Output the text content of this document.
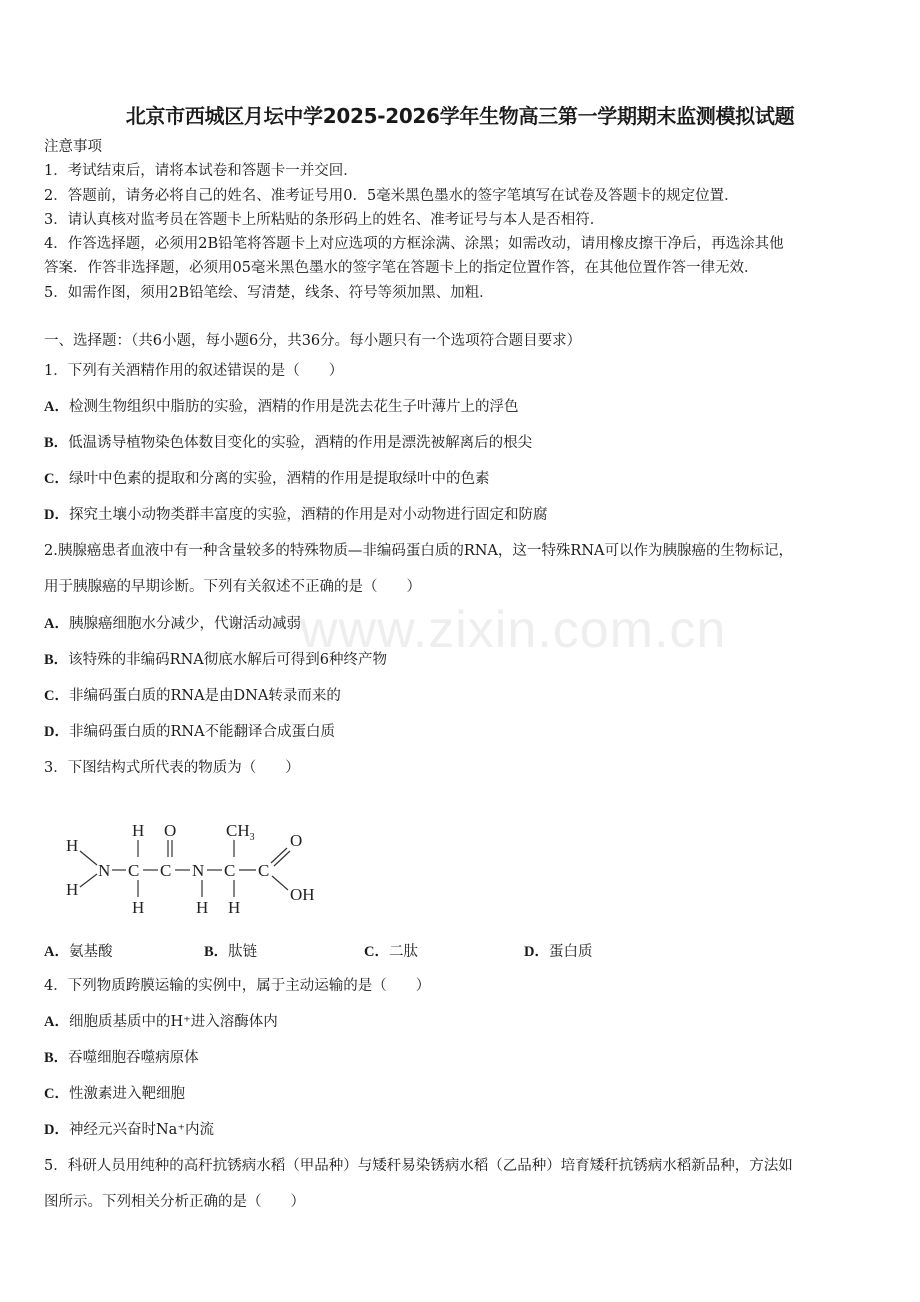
www.zixin.com.cn
北京市西城区月坛中学2025-2026学年生物高三第一学期期末监测模拟试题
注意事项
1．考试结束后，请将本试卷和答题卡一并交回．
2．答题前，请务必将自己的姓名、准考证号用0．5毫米黑色墨水的签字笔填写在试卷及答题卡的规定位置．
3．请认真核对监考员在答题卡上所粘贴的条形码上的姓名、准考证号与本人是否相符．
4．作答选择题，必须用2B铅笔将答题卡上对应选项的方框涂满、涂黑；如需改动，请用橡皮擦干净后，再选涂其他
答案．作答非选择题，必须用05毫米黑色墨水的签字笔在答题卡上的指定位置作答，在其他位置作答一律无效．
5．如需作图，须用2B铅笔绘、写清楚，线条、符号等须加黑、加粗．
一、选择题：（共6小题，每小题6分，共36分。每小题只有一个选项符合题目要求）
1．下列有关酒精作用的叙述错误的是（　　）
A．检测生物组织中脂肪的实验，酒精的作用是洗去花生子叶薄片上的浮色
B．低温诱导植物染色体数目变化的实验，酒精的作用是漂洗被解离后的根尖
C．绿叶中色素的提取和分离的实验，酒精的作用是提取绿叶中的色素
D．探究土壤小动物类群丰富度的实验，酒精的作用是对小动物进行固定和防腐
2.胰腺癌患者血液中有一种含量较多的特殊物质—非编码蛋白质的RNA，这一特殊RNA可以作为胰腺癌的生物标记，
用于胰腺癌的早期诊断。下列有关叙述不正确的是（　　）
A．胰腺癌细胞水分减少，代谢活动减弱
B．该特殊的非编码RNA彻底水解后可得到6种终产物
C．非编码蛋白质的RNA是由DNA转录而来的
D．非编码蛋白质的RNA不能翻译合成蛋白质
3．下图结构式所代表的物质为（　　）
H
H
N C
H
H
C
O
N
H
C
$CH_3$
H
C
O
OH
A．氨基酸	B．肽链	C．二肽	D．蛋白质
4．下列物质跨膜运输的实例中，属于主动运输的是（　　）
A．细胞质基质中的H⁺进入溶酶体内
B．吞噬细胞吞噬病原体
C．性激素进入靶细胞
D．神经元兴奋时Na⁺内流
5．科研人员用纯种的高秆抗锈病水稻（甲品种）与矮秆易染锈病水稻（乙品种）培育矮秆抗锈病水稻新品种，方法如
图所示。下列相关分析正确的是（　　）
